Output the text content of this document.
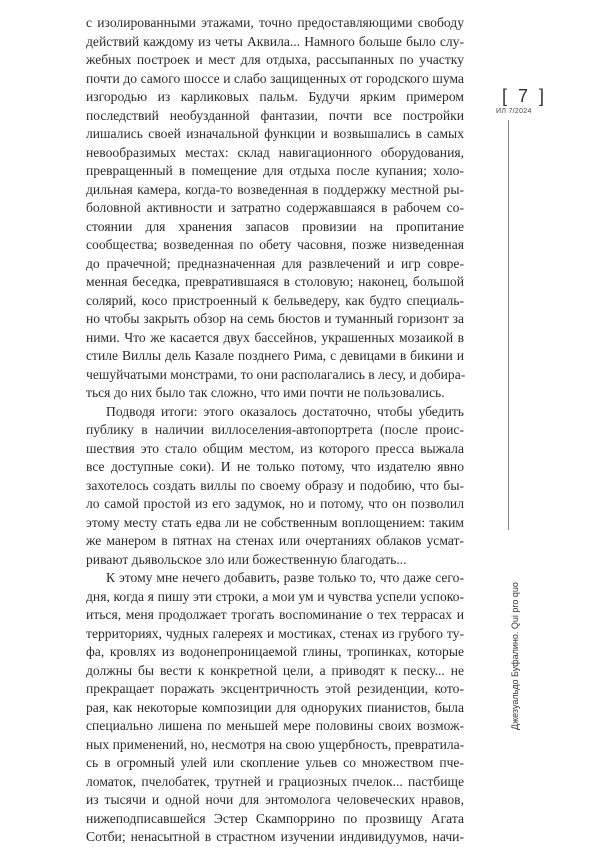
с изолированными этажами, точно предоставляющими свободу
действий каждому из четы Аквила... Намного больше было слу-
жебных построек и мест для отдыха, рассыпанных по участку
почти до самого шоссе и слабо защищенных от городского шума
изгородью из карликовых пальм. Будучи ярким примером
последствий необузданной фантазии, почти все постройки
лишались своей изначальной функции и возвышались в самых
невообразимых местах: склад навигационного оборудования,
превращенный в помещение для отдыха после купания; холо-
дильная камера, когда-то возведенная в поддержку местной ры-
боловной активности и затратно содержавшаяся в рабочем со-
стоянии для хранения запасов провизии на пропитание
сообщества; возведенная по обету часовня, позже низведенная
до прачечной; предназначенная для развлечений и игр совре-
менная беседка, превратившаяся в столовую; наконец, большой
солярий, косо пристроенный к бельведеру, как будто специаль-
но чтобы закрыть обзор на семь бюстов и туманный горизонт за
ними. Что же касается двух бассейнов, украшенных мозаикой в
стиле Виллы дель Казале позднего Рима, с девицами в бикини и
чешуйчатыми монстрами, то они располагались в лесу, и добира-
ться до них было так сложно, что ими почти не пользовались.
Подводя итоги: этого оказалось достаточно, чтобы убедить
публику в наличии виллоселения-автопортрета (после проис-
шествия это стало общим местом, из которого пресса выжала
все доступные соки). И не только потому, что издателю явно
захотелось создать виллы по своему образу и подобию, что бы-
ло самой простой из его задумок, но и потому, что он позволил
этому месту стать едва ли не собственным воплощением: таким
же манером в пятнах на стенах или очертаниях облаков усмат-
ривают дьявольское зло или божественную благодать...
К этому мне нечего добавить, разве только то, что даже сего-
дня, когда я пишу эти строки, а мои ум и чувства успели успоко-
иться, меня продолжает трогать воспоминание о тех террасах и
территориях, чудных галереях и мостиках, стенах из грубого ту-
фа, кровлях из водонепроницаемой глины, тропинках, которые
должны бы вести к конкретной цели, а приводят к песку... не
прекращает поражать эксцентричность этой резиденции, кото-
рая, как некоторые композиции для одноруких пианистов, была
специально лишена по меньшей мере половины своих возмож-
ных применений, но, несмотря на свою ущербность, превратила-
сь в огромный улей или скопление ульев со множеством пче-
ломаток, пчелобатек, трутней и грациозных пчелок... пастбище
из тысячи и одной ночи для энтомолога человеческих нравов,
нижеподписавшейся Эстер Скампоррино по прозвищу Агата
Сотби; ненасытной в страстном изучении индивидуумов, начи-
[ 7 ]
ИЛ 7/2024
Джезуальдо Буфалино. Qui pro quo
